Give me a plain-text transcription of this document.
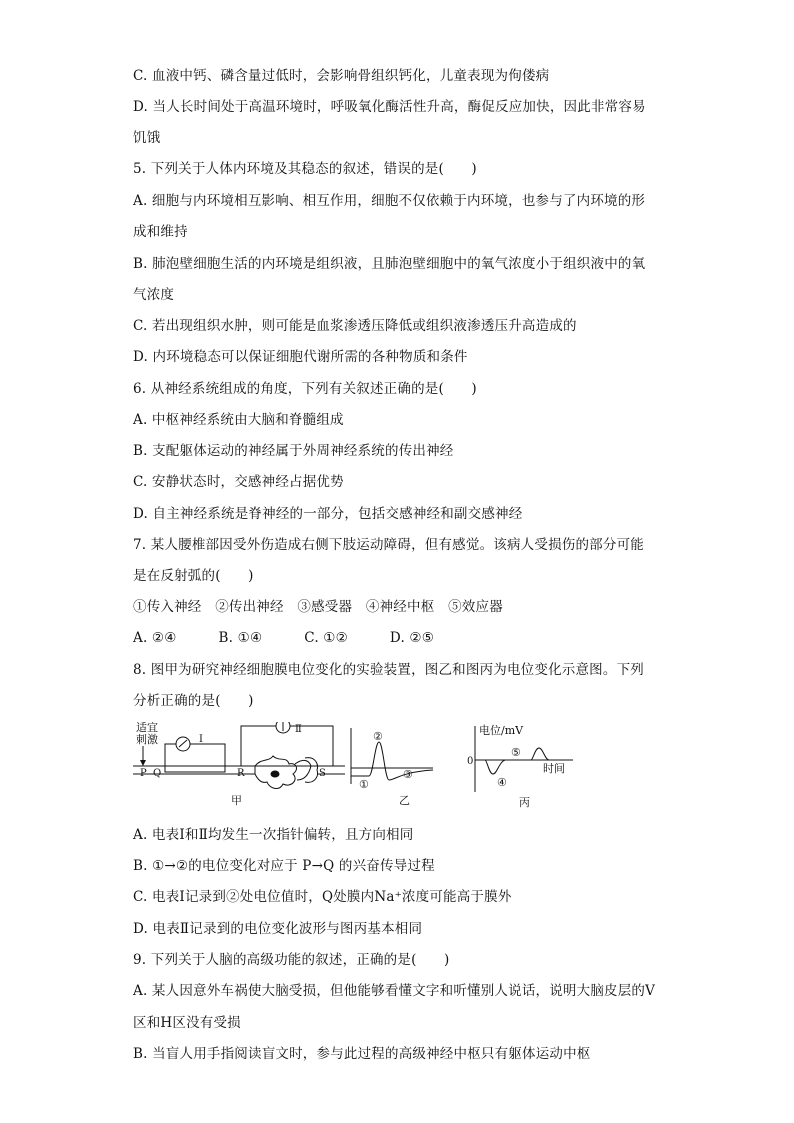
C. 血液中钙、磷含量过低时，会影响骨组织钙化，儿童表现为佝偻病
D. 当人长时间处于高温环境时，呼吸氧化酶活性升高，酶促反应加快，因此非常容易
饥饿
5. 下列关于人体内环境及其稳态的叙述，错误的是(　　)
A. 细胞与内环境相互影响、相互作用，细胞不仅依赖于内环境，也参与了内环境的形
成和维持
B. 肺泡壁细胞生活的内环境是组织液，且肺泡壁细胞中的氧气浓度小于组织液中的氧
气浓度
C. 若出现组织水肿，则可能是血浆渗透压降低或组织液渗透压升高造成的
D. 内环境稳态可以保证细胞代谢所需的各种物质和条件
6. 从神经系统组成的角度，下列有关叙述正确的是(　　)
A. 中枢神经系统由大脑和脊髓组成
B. 支配躯体运动的神经属于外周神经系统的传出神经
C. 安静状态时，交感神经占据优势
D. 自主神经系统是脊神经的一部分，包括交感神经和副交感神经
7. 某人腰椎部因受外伤造成右侧下肢运动障碍，但有感觉。该病人受损伤的部分可能
是在反射弧的(　　)
①传入神经　②传出神经　③感受器　④神经中枢　⑤效应器
A. ②④	B. ①④	C. ①②	D. ②⑤
8. 图甲为研究神经细胞膜电位变化的实验装置，图乙和图丙为电位变化示意图。下列
分析正确的是(　　)
适宜
刺激	I
Ⅱ
P Q	R	S
甲
②
①
③
乙
电位/mV
0
时间
⑤
④
丙
A. 电表Ⅰ和Ⅱ均发生一次指针偏转，且方向相同
B. ①→②的电位变化对应于 P→Q 的兴奋传导过程
C. 电表Ⅰ记录到②处电位值时，Q处膜内Na⁺浓度可能高于膜外
D. 电表Ⅱ记录到的电位变化波形与图丙基本相同
9. 下列关于人脑的高级功能的叙述，正确的是(　　)
A. 某人因意外车祸使大脑受损，但他能够看懂文字和听懂别人说话，说明大脑皮层的V
区和H区没有受损
B. 当盲人用手指阅读盲文时，参与此过程的高级神经中枢只有躯体运动中枢
